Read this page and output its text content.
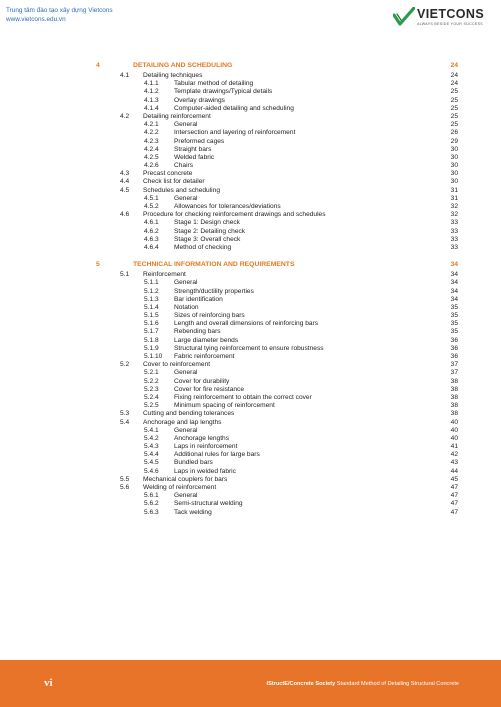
Trung tâm đào tạo xây dựng Vietcons
www.vietcons.edu.vn	VIETCONS
ALWAYS BESIDE YOUR SUCCESS
4	DETAILING AND SCHEDULING	24
4.1 Detailing techniques	24
4.1.1 Tabular method of detailing	24
4.1.2 Template drawings/Typical details	25
4.1.3 Overlay drawings	25
4.1.4 Computer-aided detailing and scheduling	25
4.2 Detailing reinforcement	25
4.2.1 General	25
4.2.2 Intersection and layering of reinforcement	26
4.2.3 Preformed cages	29
4.2.4 Straight bars	30
4.2.5 Welded fabric	30
4.2.6 Chairs	30
4.3 Precast concrete	30
4.4 Check list for detailer	30
4.5 Schedules and scheduling	31
4.5.1 General	31
4.5.2 Allowances for tolerances/deviations	32
4.6 Procedure for checking reinforcement drawings and schedules	32
4.6.1 Stage 1: Design check	33
4.6.2 Stage 2: Detailing check	33
4.6.3 Stage 3: Overall check	33
4.6.4 Method of checking	33
5	TECHNICAL INFORMATION AND REQUIREMENTS	34
5.1 Reinforcement	34
5.1.1 General	34
5.1.2 Strength/ductility properties	34
5.1.3 Bar identification	34
5.1.4 Notation	35
5.1.5 Sizes of reinforcing bars	35
5.1.6 Length and overall dimensions of reinforcing bars	35
5.1.7 Rebending bars	35
5.1.8 Large diameter bends	36
5.1.9 Structural tying reinforcement to ensure robustness	36
5.1.10 Fabric reinforcement	36
5.2 Cover to reinforcement	37
5.2.1 General	37
5.2.2 Cover for durability	38
5.2.3 Cover for fire resistance	38
5.2.4 Fixing reinforcement to obtain the correct cover	38
5.2.5 Minimum spacing of reinforcement	38
5.3 Cutting and bending tolerances	38
5.4 Anchorage and lap lengths	40
5.4.1 General	40
5.4.2 Anchorage lengths	40
5.4.3 Laps in reinforcement	41
5.4.4 Additional rules for large bars	42
5.4.5 Bundled bars	43
5.4.6 Laps in welded fabric	44
5.5 Mechanical couplers for bars	45
5.6 Welding of reinforcement	47
5.6.1 General	47
5.6.2 Semi-structural welding	47
5.6.3 Tack welding	47
vi	IStructE/Concrete Society Standard Method of Detailing Structural Concrete
